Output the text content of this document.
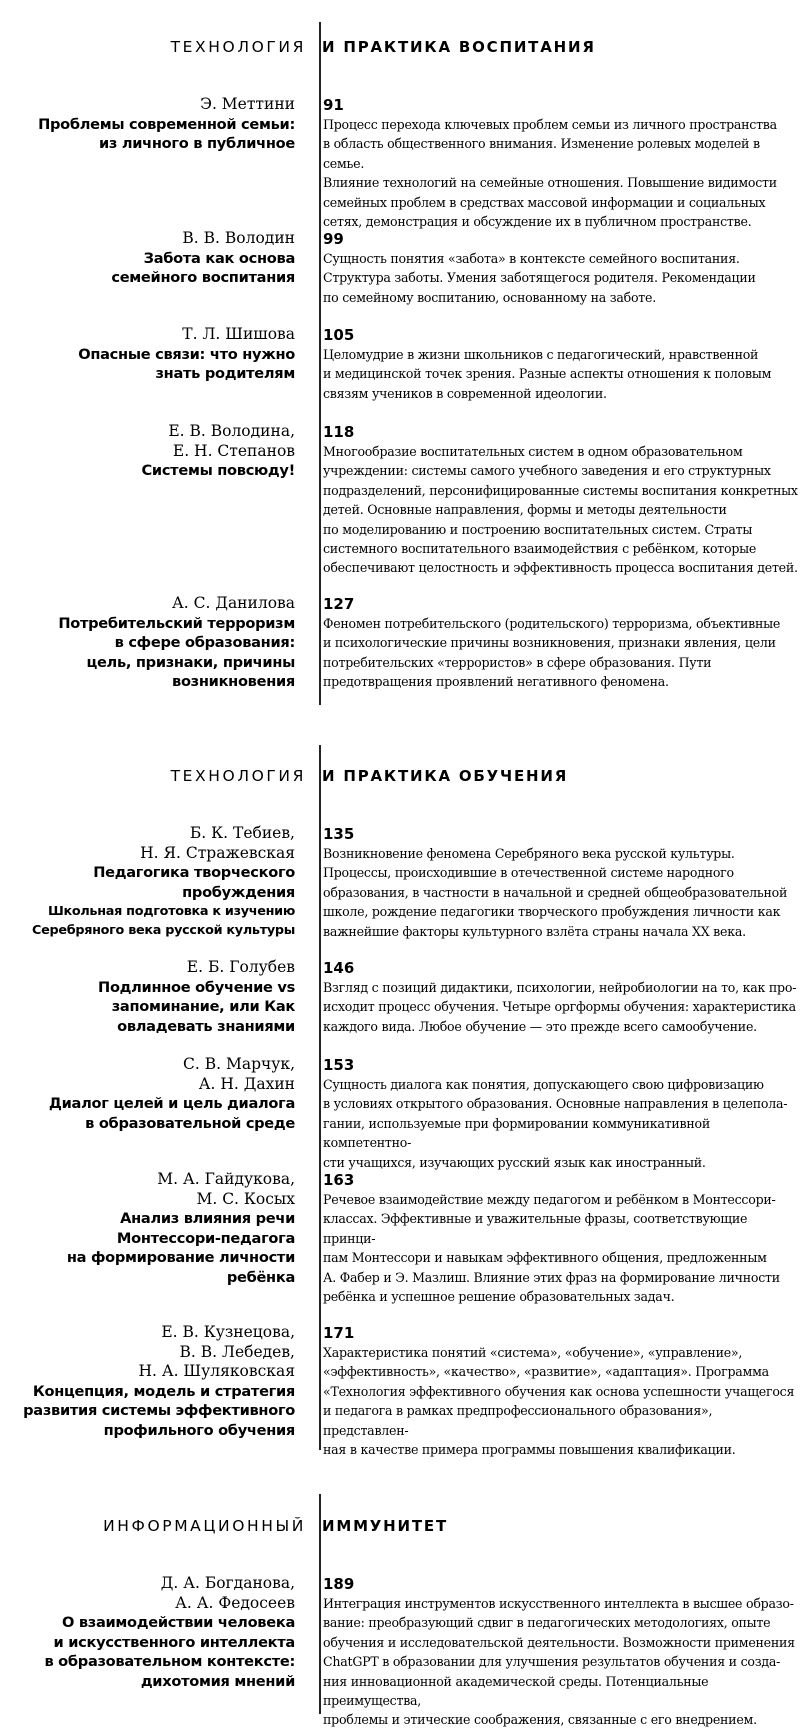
ТЕХНОЛОГИЯ И ПРАКТИКА ВОСПИТАНИЯ
Э. Меттини
Проблемы современной семьи:
из личного в публичное
91
Процесс перехода ключевых проблем семьи из личного пространства
в область общественного внимания. Изменение ролевых моделей в семье.
Влияние технологий на семейные отношения. Повышение видимости
семейных проблем в средствах массовой информации и социальных
сетях, демонстрация и обсуждение их в публичном пространстве.
В. В. Володин
Забота как основа
семейного воспитания
99
Сущность понятия «забота» в контексте семейного воспитания.
Структура заботы. Умения заботящегося родителя. Рекомендации
по семейному воспитанию, основанному на заботе.
Т. Л. Шишова
Опасные связи: что нужно
знать родителям
105
Целомудрие в жизни школьников с педагогический, нравственной
и медицинской точек зрения. Разные аспекты отношения к половым
связям учеников в современной идеологии.
Е. В. Володина,
Е. Н. Степанов
Системы повсюду!
118
Многообразие воспитательных систем в одном образовательном
учреждении: системы самого учебного заведения и его структурных
подразделений, персонифицированные системы воспитания конкретных
детей. Основные направления, формы и методы деятельности
по моделированию и построению воспитательных систем. Страты
системного воспитательного взаимодействия с ребёнком, которые
обеспечивают целостность и эффективность процесса воспитания детей.
А. С. Данилова
Потребительский терроризм
в сфере образования:
цель, признаки, причины
возникновения
127
Феномен потребительского (родительского) терроризма, объективные
и психологические причины возникновения, признаки явления, цели
потребительских «террористов» в сфере образования. Пути
предотвращения проявлений негативного феномена.
ТЕХНОЛОГИЯ И ПРАКТИКА ОБУЧЕНИЯ
Б. К. Тебиев,
Н. Я. Стражевская
Педагогика творческого пробуждения
Школьная подготовка к изучению
Серебряного века русской культуры
135
Возникновение феномена Серебряного века русской культуры.
Процессы, происходившие в отечественной системе народного
образования, в частности в начальной и средней общеобразовательной
школе, рождение педагогики творческого пробуждения личности как
важнейшие факторы культурного взлёта страны начала XX века.
Е. Б. Голубев
Подлинное обучение vs
запоминание, или Как
овладевать знаниями
146
Взгляд с позиций дидактики, психологии, нейробиологии на то, как про-
исходит процесс обучения. Четыре оргформы обучения: характеристика
каждого вида. Любое обучение — это прежде всего самообучение.
С. В. Марчук,
А. Н. Дахин
Диалог целей и цель диалога
в образовательной среде
153
Сущность диалога как понятия, допускающего свою цифровизацию
в условиях открытого образования. Основные направления в целепола-
гании, используемые при формировании коммуникативной компетентно-
сти учащихся, изучающих русский язык как иностранный.
М. А. Гайдукова,
М. С. Косых
Анализ влияния речи
Монтессори-педагога
на формирование личности
ребёнка
163
Речевое взаимодействие между педагогом и ребёнком в Монтессори-
классах. Эффективные и уважительные фразы, соответствующие принци-
пам Монтессори и навыкам эффективного общения, предложенным
А. Фабер и Э. Мазлиш. Влияние этих фраз на формирование личности
ребёнка и успешное решение образовательных задач.
Е. В. Кузнецова,
В. В. Лебедев,
Н. А. Шуляковская
Концепция, модель и стратегия
развития системы эффективного
профильного обучения
171
Характеристика понятий «система», «обучение», «управление»,
«эффективность», «качество», «развитие», «адаптация». Программа
«Технология эффективного обучения как основа успешности учащегося
и педагога в рамках предпрофессионального образования», представлен-
ная в качестве примера программы повышения квалификации.
ИНФОРМАЦИОННЫЙ ИММУНИТЕТ
Д. А. Богданова,
А. А. Федосеев
О взаимодействии человека
и искусственного интеллекта
в образовательном контексте:
дихотомия мнений
189
Интеграция инструментов искусственного интеллекта в высшее образо-
вание: преобразующий сдвиг в педагогических методологиях, опыте
обучения и исследовательской деятельности. Возможности применения
ChatGPT в образовании для улучшения результатов обучения и созда-
ния инновационной академической среды. Потенциальные преимущества,
проблемы и этические соображения, связанные с его внедрением.
